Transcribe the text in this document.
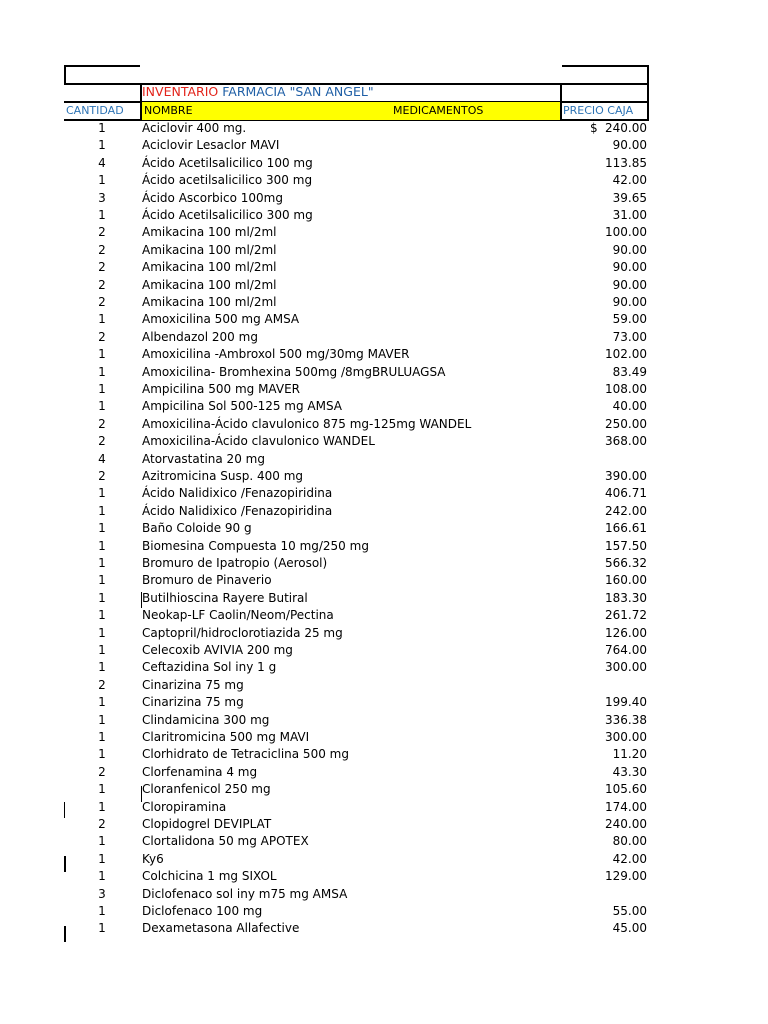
INVENTARIO FARMACIA "SAN ANGEL"
CANTIDAD NOMBRE	MEDICAMENTOS	PRECIO CAJA
$
1	Aciclovir 400 mg.	240.00
1	Aciclovir Lesaclor MAVI	90.00
4	Ácido Acetilsalicilico 100 mg	113.85
1	Ácido acetilsalicilico 300 mg	42.00
3	Ácido Ascorbico 100mg	39.65
1	Ácido Acetilsalicilico 300 mg	31.00
2	Amikacina 100 ml/2ml	100.00
2	Amikacina 100 ml/2ml	90.00
2	Amikacina 100 ml/2ml	90.00
2	Amikacina 100 ml/2ml	90.00
2	Amikacina 100 ml/2ml	90.00
1	Amoxicilina 500 mg AMSA	59.00
2	Albendazol 200 mg	73.00
1	Amoxicilina -Ambroxol 500 mg/30mg MAVER	102.00
1	Amoxicilina- Bromhexina 500mg /8mgBRULUAGSA	83.49
1	Ampicilina 500 mg MAVER	108.00
1	Ampicilina Sol 500-125 mg AMSA	40.00
2	Amoxicilina-Ácido clavulonico 875 mg-125mg WANDEL	250.00
2	Amoxicilina-Ácido clavulonico WANDEL	368.00
4	Atorvastatina 20 mg
2	Azitromicina Susp. 400 mg	390.00
1	Ácido Nalidixico /Fenazopiridina	406.71
1	Ácido Nalidixico /Fenazopiridina	242.00
1	Baño Coloide 90 g	166.61
1	Biomesina Compuesta 10 mg/250 mg	157.50
1	Bromuro de Ipatropio (Aerosol)	566.32
1	Bromuro de Pinaverio	160.00
1	Butilhioscina Rayere Butiral	183.30
1	Neokap-LF Caolin/Neom/Pectina	261.72
1	Captopril/hidroclorotiazida 25 mg	126.00
1	Celecoxib AVIVIA 200 mg	764.00
1	Ceftazidina Sol iny 1 g	300.00
2	Cinarizina 75 mg
1	Cinarizina 75 mg	199.40
1	Clindamicina 300 mg	336.38
1	Claritromicina 500 mg MAVI	300.00
1	Clorhidrato de Tetraciclina 500 mg	11.20
2	Clorfenamina 4 mg	43.30
1	Cloranfenicol 250 mg	105.60
1	Cloropiramina	174.00
2	Clopidogrel DEVIPLAT	240.00
1	Clortalidona 50 mg APOTEX	80.00
1	Ky6	42.00
1	Colchicina 1 mg SIXOL	129.00
3	Diclofenaco sol iny m75 mg AMSA
1	Diclofenaco 100 mg	55.00
1	Dexametasona Allafective	45.00
